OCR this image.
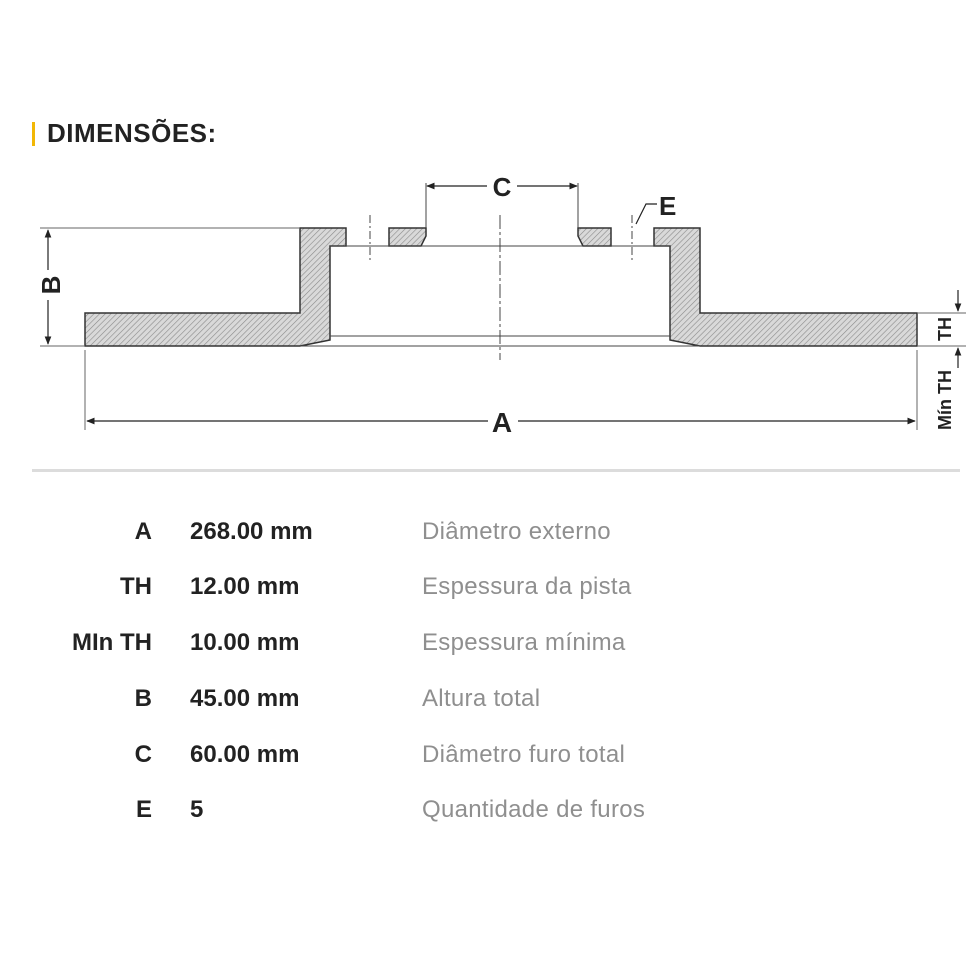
DIMENSÕES:
C
E
B
A
TH
Mín TH
A 268.00 mm	Diâmetro externo
TH 12.00 mm	Espessura da pista
MIn TH 10.00 mm	Espessura mínima
B 45.00 mm	Altura total
C 60.00 mm	Diâmetro furo total
E 5	Quantidade de furos
